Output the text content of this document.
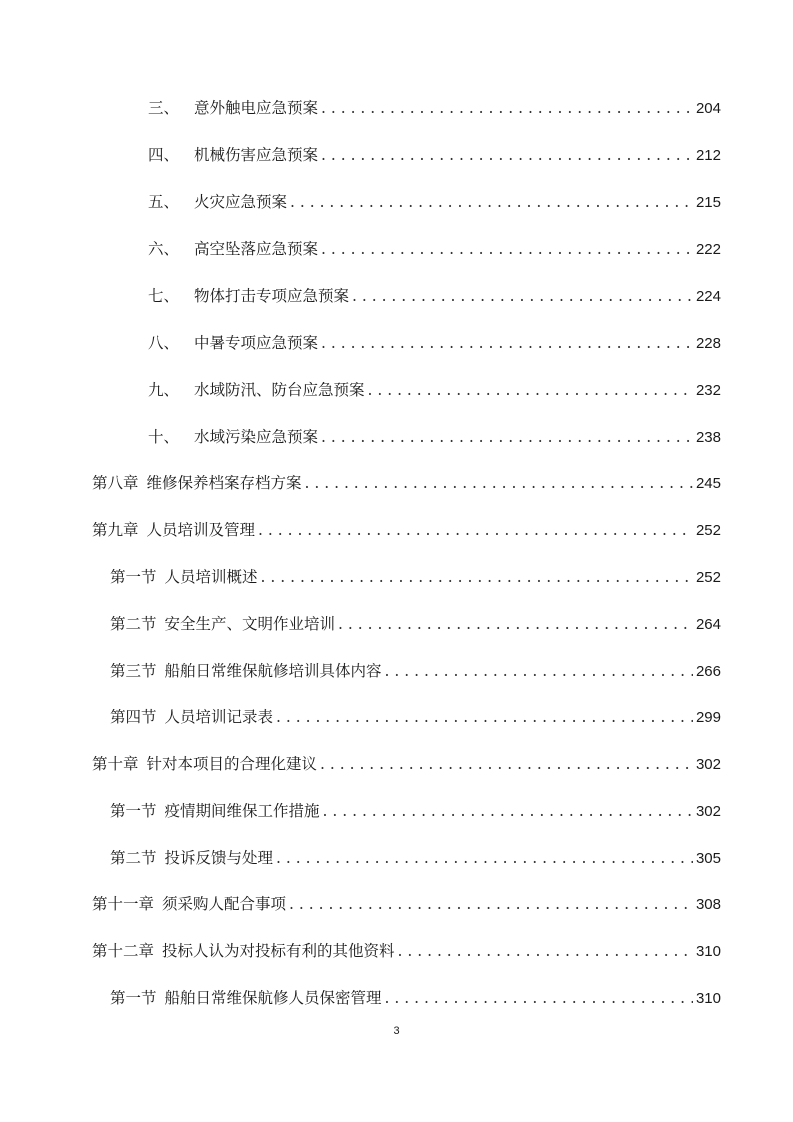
三、 意外触电应急预案 . . .	204
四、 机械伤害应急预案 . . .	212
五、 火灾应急预案 . . .	215
六、 高空坠落应急预案 . . .	222
七、 物体打击专项应急预案 . . .	224
八、 中暑专项应急预案 . . .	228
九、 水域防汛、防台应急预案 . . .	232
十、 水域污染应急预案 . . .	238
第八章 维修保养档案存档方案 . . .	245
第九章 人员培训及管理 . . .	252
第一节 人员培训概述 . . .	252
第二节 安全生产、文明作业培训 . . .	264
第三节 船舶日常维保航修培训具体内容 . . .	266
第四节 人员培训记录表 . . .	299
第十章 针对本项目的合理化建议 . . .	302
第一节 疫情期间维保工作措施 . . .	302
第二节 投诉反馈与处理 . . .	305
第十一章 须采购人配合事项 . . .	308
第十二章 投标人认为对投标有利的其他资料 . . .	310
第一节 船舶日常维保航修人员保密管理 . . .	310
3
